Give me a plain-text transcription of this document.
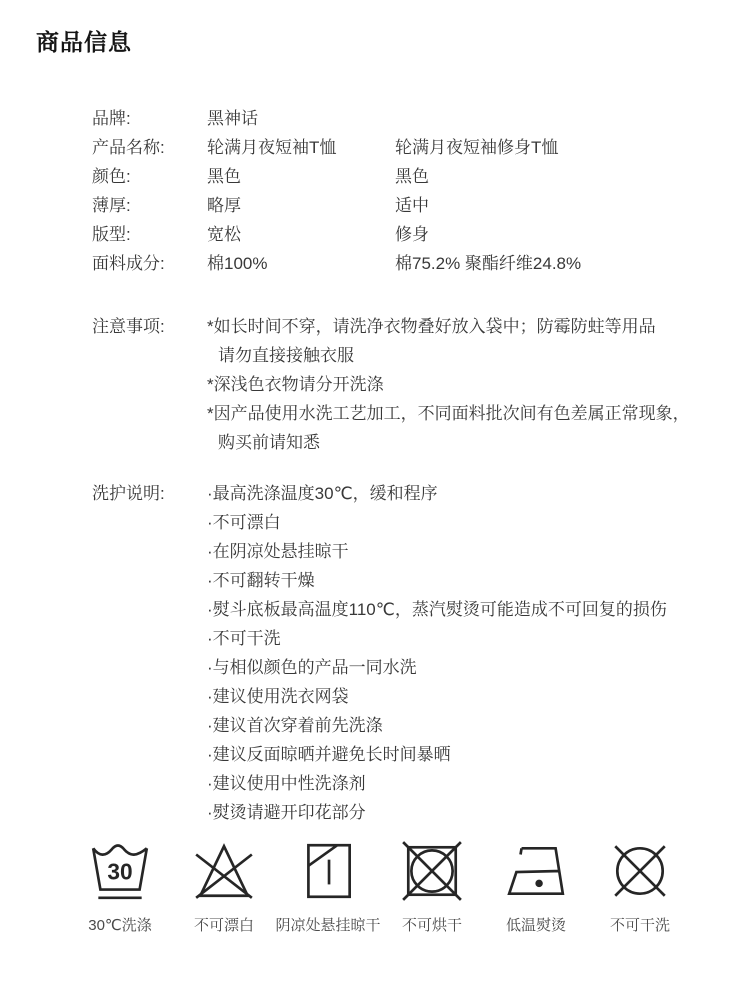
商品信息
品牌:	黑神话
产品名称:	轮满月夜短袖T恤	轮满月夜短袖修身T恤
颜色:	黑色	黑色
薄厚:	略厚	适中
版型:	宽松	修身
面料成分:	棉100%	棉75.2% 聚酯纤维24.8%
注意事项:	*如长时间不穿，请洗净衣物叠好放入袋中；防霉防蛀等用品
请勿直接接触衣服
*深浅色衣物请分开洗涤
*因产品使用水洗工艺加工，不同面料批次间有色差属正常现象，
购买前请知悉
洗护说明:	·最高洗涤温度30℃，缓和程序
·不可漂白
·在阴凉处悬挂晾干
·不可翻转干燥
·熨斗底板最高温度110℃，蒸汽熨烫可能造成不可回复的损伤
·不可干洗
·与相似颜色的产品一同水洗
·建议使用洗衣网袋
·建议首次穿着前先洗涤
·建议反面晾晒并避免长时间暴晒
·建议使用中性洗涤剂
·熨烫请避开印花部分
30
30℃洗涤	不可漂白 阴凉处悬挂晾干 不可烘干	低温熨烫	不可干洗
